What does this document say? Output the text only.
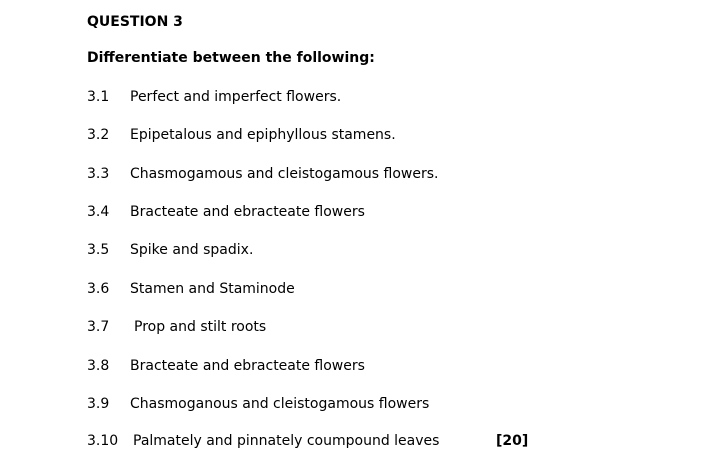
QUESTION 3
Differentiate between the following:
3.1 Perfect and imperfect flowers.
3.2 Epipetalous and epiphyllous stamens.
3.3 Chasmogamous and cleistogamous flowers.
3.4 Bracteate and ebracteate flowers
3.5 Spike and spadix.
3.6 Stamen and Staminode
3.7 Prop and stilt roots
3.8 Bracteate and ebracteate flowers
3.9 Chasmoganous and cleistogamous flowers
3.10 Palmately and pinnately coumpound leaves	[20]
